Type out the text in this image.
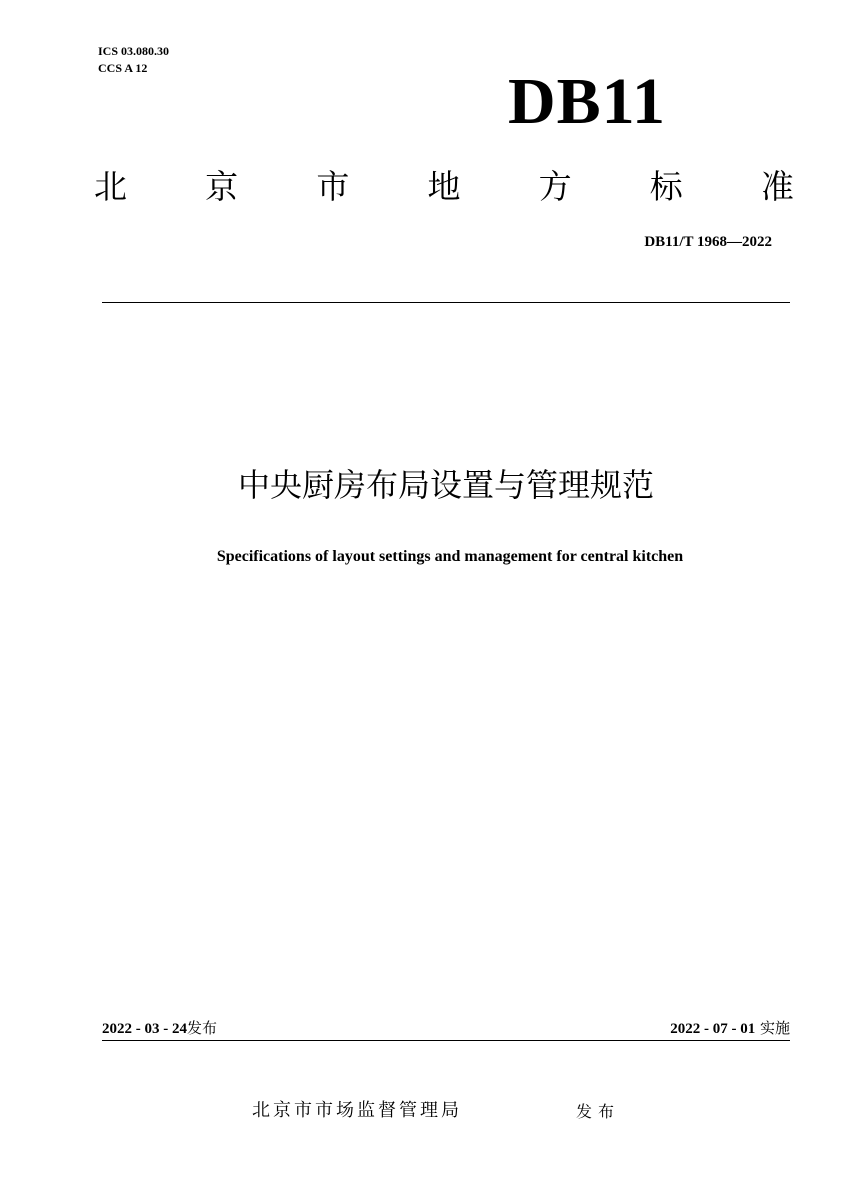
ICS 03.080.30
CCS A 12	DB11
北 京 市 地 方 标 准
DB11/T 1968—2022
中央厨房布局设置与管理规范
Specifications of layout settings and management for central kitchen
2022 - 03 - 24发布	2022 - 07 - 01 实施
北京市市场监督管理局	发布
